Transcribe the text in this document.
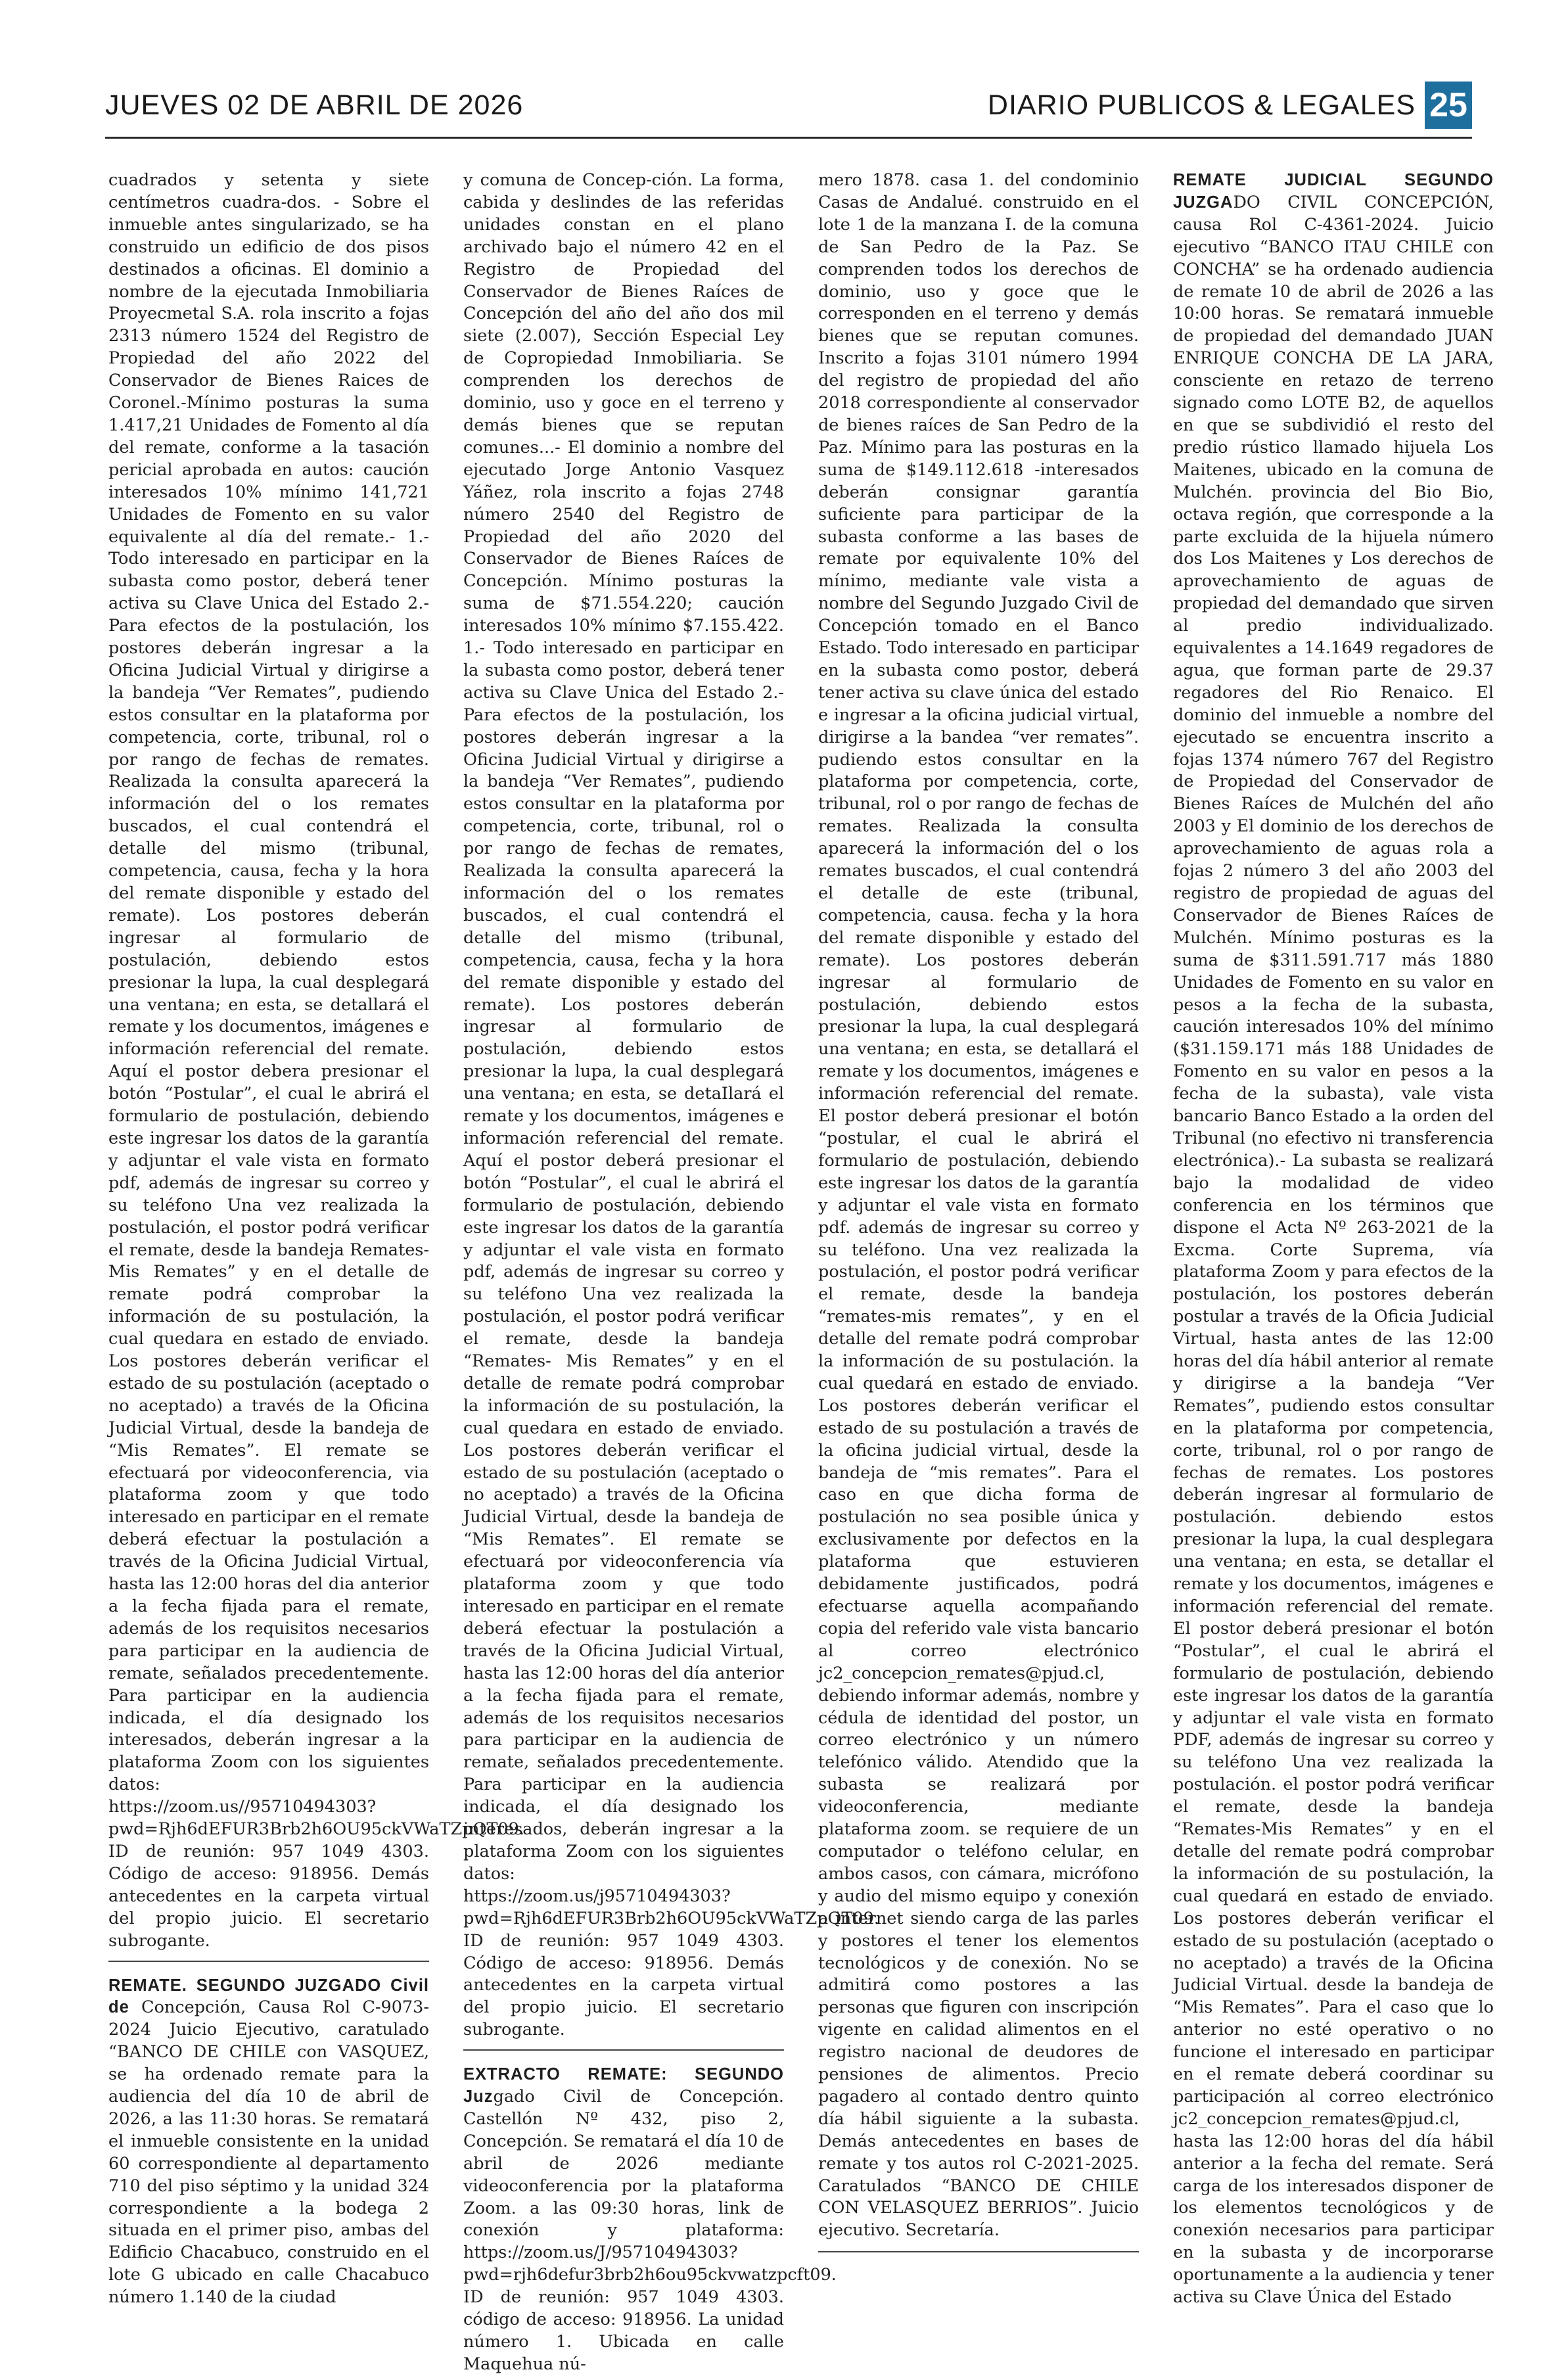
JUEVES 02 DE ABRIL DE 2026	DIARIO PUBLICOS & LEGALES 25

cuadrados y setenta y siete centímetros cuadra-dos. - Sobre el inmueble antes singularizado, se ha construido un edificio de dos pisos destinados a oficinas. El dominio a nombre de la ejecutada Inmobiliaria Proyecmetal S.A. rola inscrito a fojas 2313 número 1524 del Registro de Propiedad del año 2022 del Conservador de Bienes Raices de Coronel.-Mínimo posturas la suma 1.417,21 Unidades de Fomento al día del remate, conforme a la tasación pericial aprobada en autos: caución interesados 10% mínimo 141,721 Unidades de Fomento en su valor equivalente al día del remate.- 1.- Todo interesado en participar en la subasta como postor, deberá tener activa su Clave Unica del Estado 2.- Para efectos de la postulación, los postores deberán ingresar a la Oficina Judicial Virtual y dirigirse a la bandeja “Ver Remates”, pudiendo estos consultar en la plataforma por competencia, corte, tribunal, rol o por rango de fechas de remates. Realizada la consulta aparecerá la información del o los remates buscados, el cual contendrá el detalle del mismo (tribunal, competencia, causa, fecha y la hora del remate disponible y estado del remate). Los postores deberán ingresar al formulario de postulación, debiendo estos presionar la lupa, la cual desplegará una ventana; en esta, se detallará el remate y los documentos, imágenes e información referencial del remate. Aquí el postor debera presionar el botón “Postular”, el cual le abrirá el formulario de postulación, debiendo este ingresar los datos de la garantía y adjuntar el vale vista en formato pdf, además de ingresar su correo y su teléfono Una vez realizada la postulación, el postor podrá verificar el remate, desde la bandeja Remates- Mis Remates” y en el detalle de remate podrá comprobar la información de su postulación, la cual quedara en estado de enviado. Los postores deberán verificar el estado de su postulación (aceptado o no aceptado) a través de la Oficina Judicial Virtual, desde la bandeja de “Mis Remates”. El remate se efectuará por videoconferencia, via plataforma zoom y que todo interesado en participar en el remate deberá efectuar la postulación a través de la Oficina Judicial Virtual, hasta las 12:00 horas del dia anterior a la fecha fijada para el remate, además de los requisitos necesarios para participar en la audiencia de remate, señalados precedentemente. Para participar en la audiencia indicada, el día designado los interesados, deberán ingresar a la plataforma Zoom con los siguientes datos: https://zoom.us//95710494303?pwd=Rjh6dEFUR3Brb2h6OU95ckVWaTZpQT09. ID de reunión: 957 1049 4303. Código de acceso: 918956. Demás antecedentes en la carpeta virtual del propio juicio. El secretario subrogante.

REMATE. SEGUNDO JUZGADO Civil de Concepción, Causa Rol C-9073-2024 Juicio Ejecutivo, caratulado “BANCO DE CHILE con VASQUEZ, se ha ordenado remate para la audiencia del día 10 de abril de 2026, a las 11:30 horas. Se rematará el inmueble consistente en la unidad 60 correspondiente al departamento 710 del piso séptimo y la unidad 324 correspondiente a la bodega 2 situada en el primer piso, ambas del Edificio Chacabuco, construido en el lote G ubicado en calle Chacabuco número 1.140 de la ciudad

y comuna de Concep-ción. La forma, cabida y deslindes de las referidas unidades constan en el plano archivado bajo el número 42 en el Registro de Propiedad del Conservador de Bienes Raíces de Concepción del año del año dos mil siete (2.007), Sección Especial Ley de Copropiedad Inmobiliaria. Se comprenden los derechos de dominio, uso y goce en el terreno y demás bienes que se reputan comunes...- El dominio a nombre del ejecutado Jorge Antonio Vasquez Yáñez, rola inscrito a fojas 2748 número 2540 del Registro de Propiedad del año 2020 del Conservador de Bienes Raíces de Concepción. Mínimo posturas la suma de $71.554.220; caución interesados 10% mínimo $7.155.422. 1.- Todo interesado en participar en la subasta como postor, deberá tener activa su Clave Unica del Estado 2.- Para efectos de la postulación, los postores deberán ingresar a la Oficina Judicial Virtual y dirigirse a la bandeja “Ver Remates”, pudiendo estos consultar en la plataforma por competencia, corte, tribunal, rol o por rango de fechas de remates, Realizada la consulta aparecerá la información del o los remates buscados, el cual contendrá el detalle del mismo (tribunal, competencia, causa, fecha y la hora del remate disponible y estado del remate). Los postores deberán ingresar al formulario de postulación, debiendo estos presionar la lupa, la cual desplegará una ventana; en esta, se detaIlará el remate y los documentos, imágenes e información referencial del remate. Aquí el postor deberá presionar el botón “Postular”, el cual le abrirá el formulario de postulación, debiendo este ingresar los datos de la garantía y adjuntar el vale vista en formato pdf, además de ingresar su correo y su teléfono Una vez realizada la postulación, el postor podrá verificar el remate, desde la bandeja “Remates- Mis Remates” y en el detalle de remate podrá comprobar la información de su postulación, la cual quedara en estado de enviado. Los postores deberán verificar el estado de su postulación (aceptado o no aceptado) a través de la Oficina Judicial Virtual, desde la bandeja de “Mis Remates”. El remate se efectuará por videoconferencia vía plataforma zoom y que todo interesado en participar en el remate deberá efectuar la postulación a través de la Oficina Judicial Virtual, hasta las 12:00 horas del día anterior a la fecha fijada para el remate, además de los requisitos necesarios para participar en la audiencia de remate, señalados precedentemente. Para participar en la audiencia indicada, el día designado los interesados, deberán ingresar a la plataforma Zoom con los siguientes datos: https://zoom.us/j95710494303?pwd=Rjh6dEFUR3Brb2h6OU95ckVWaTZpQT09. ID de reunión: 957 1049 4303. Código de acceso: 918956. Demás antecedentes en la carpeta virtual del propio juicio. El secretario subrogante.

EXTRACTO REMATE: SEGUNDO Juzgado Civil de Concepción. Castellón Nº 432, piso 2, Concepción. Se rematará el día 10 de abril de 2026 mediante videoconferencia por la plataforma Zoom. a las 09:30 horas, link de conexión y plataforma: https://zoom.us/J/95710494303?pwd=rjh6defur3brb2h6ou95ckvwatzpcft09. ID de reunión: 957 1049 4303. código de acceso: 918956. La unidad número 1. Ubicada en calle Maquehua nú-

mero 1878. casa 1. del condominio Casas de Andalué. construido en el lote 1 de la manzana I. de la comuna de San Pedro de la Paz. Se comprenden todos los derechos de dominio, uso y goce que le corresponden en el terreno y demás bienes que se reputan comunes. Inscrito a fojas 3101 número 1994 del registro de propiedad del año 2018 correspondiente al conservador de bienes raíces de San Pedro de la Paz. Mínimo para las posturas en la suma de $149.112.618 -interesados deberán consignar garantía suficiente para participar de la subasta conforme a las bases de remate por equivalente 10% del mínimo, mediante vale vista a nombre del Segundo Juzgado Civil de Concepción tomado en el Banco Estado. Todo interesado en participar en la subasta como postor, deberá tener activa su clave única del estado e ingresar a la oficina judicial virtual, dirigirse a la bandea “ver remates”. pudiendo estos consultar en la plataforma por competencia, corte, tribunal, rol o por rango de fechas de remates. Realizada la consulta aparecerá la información del o los remates buscados, el cual contendrá el detalle de este (tribunal, competencia, causa. fecha y la hora del remate disponible y estado del remate). Los postores deberán ingresar al formulario de postulación, debiendo estos presionar la lupa, la cual desplegará una ventana; en esta, se detallará el remate y los documentos, imágenes e información referencial del remate. El postor deberá presionar el botón “postular, el cual le abrirá el formulario de postulación, debiendo este ingresar los datos de la garantía y adjuntar el vale vista en formato pdf. además de ingresar su correo y su teléfono. Una vez realizada la postulación, el postor podrá verificar el remate, desde la bandeja “remates-mis remates”, y en el detalle del remate podrá comprobar la información de su postulación. la cual quedará en estado de enviado. Los postores deberán verificar el estado de su postulación a través de la oficina judicial virtual, desde la bandeja de “mis remates”. Para el caso en que dicha forma de postulación no sea posible única y exclusivamente por defectos en la plataforma que estuvieren debidamente justificados, podrá efectuarse aquella acompañando copia del referido vale vista bancario al correo electrónico jc2_concepcion_remates@pjud.cl, debiendo informar además, nombre y cédula de identidad del postor, un correo electrónico y un número telefónico válido. Atendido que la subasta se realizará por videoconferencia, mediante plataforma zoom. se requiere de un computador o teléfono celular, en ambos casos, con cámara, micrófono y audio del mismo equipo y conexión a internet siendo carga de las parles y postores el tener los elementos tecnológicos y de conexión. No se admitirá como postores a las personas que figuren con inscripción vigente en calidad alimentos en el registro nacional de deudores de pensiones de alimentos. Precio pagadero al contado dentro quinto día hábil siguiente a la subasta. Demás antecedentes en bases de remate y tos autos rol C-2021-2025. Caratulados “BANCO DE CHILE CON VELASQUEZ BERRIOS”. Juicio ejecutivo. Secretaría.

REMATE JUDICIAL SEGUNDO JUZGADO CIVIL CONCEPCIÓN, causa Rol C-4361-2024. Juicio ejecutivo “BANCO ITAU CHILE con CONCHA” se ha ordenado audiencia de remate 10 de abril de 2026 a las 10:00 horas. Se rematará inmueble de propiedad del demandado JUAN ENRIQUE CONCHA DE LA JARA, consciente en retazo de terreno signado como LOTE B2, de aquellos en que se subdividió el resto del predio rústico llamado hijuela Los Maitenes, ubicado en la comuna de Mulchén. provincia del Bio Bio, octava región, que corresponde a la parte excluida de la hijuela número dos Los Maitenes y Los derechos de aprovechamiento de aguas de propiedad del demandado que sirven al predio individualizado. equivalentes a 14.1649 regadores de agua, que forman parte de 29.37 regadores del Rio Renaico. El dominio del inmueble a nombre del ejecutado se encuentra inscrito a fojas 1374 número 767 del Registro de Propiedad del Conservador de Bienes Raíces de Mulchén del año 2003 y El dominio de los derechos de aprovechamiento de aguas rola a fojas 2 número 3 del año 2003 del registro de propiedad de aguas del Conservador de Bienes Raíces de Mulchén. Mínimo posturas es la suma de $311.591.717 más 1880 Unidades de Fomento en su valor en pesos a la fecha de la subasta, caución interesados 10% del mínimo ($31.159.171 más 188 Unidades de Fomento en su valor en pesos a la fecha de la subasta), vale vista bancario Banco Estado a la orden del Tribunal (no efectivo ni transferencia electrónica).- La subasta se realizará bajo la modalidad de video conferencia en los términos que dispone el Acta Nº 263-2021 de la Excma. Corte Suprema, vía plataforma Zoom y para efectos de la postulación, los postores deberán postular a través de la Oficia Judicial Virtual, hasta antes de las 12:00 horas del día hábil anterior al remate y dirigirse a la bandeja “Ver Remates”, pudiendo estos consultar en la plataforma por competencia, corte, tribunal, rol o por rango de fechas de remates. Los postores deberán ingresar al formulario de postulación. debiendo estos presionar la lupa, la cual desplegara una ventana; en esta, se detallar el remate y los documentos, imágenes e información referencial del remate. El postor deberá presionar el botón “Postular”, el cual le abrirá el formulario de postulación, debiendo este ingresar los datos de la garantía y adjuntar el vale vista en formato PDF, además de ingresar su correo y su teléfono Una vez realizada la postulación. el postor podrá verificar el remate, desde la bandeja “Remates-Mis Remates” y en el detalle del remate podrá comprobar la información de su postulación, la cual quedará en estado de enviado. Los postores deberán verificar el estado de su postulación (aceptado o no aceptado) a través de la Oficina Judicial Virtual. desde la bandeja de “Mis Remates”. Para el caso que lo anterior no esté operativo o no funcione el interesado en participar en el remate deberá coordinar su participación al correo electrónico jc2_concepcion_remates@pjud.cl, hasta las 12:00 horas del día hábil anterior a la fecha del remate. Será carga de los interesados disponer de los elementos tecnológicos y de conexión necesarios para participar en la subasta y de incorporarse oportunamente a la audiencia y tener activa su Clave Única del Estado
